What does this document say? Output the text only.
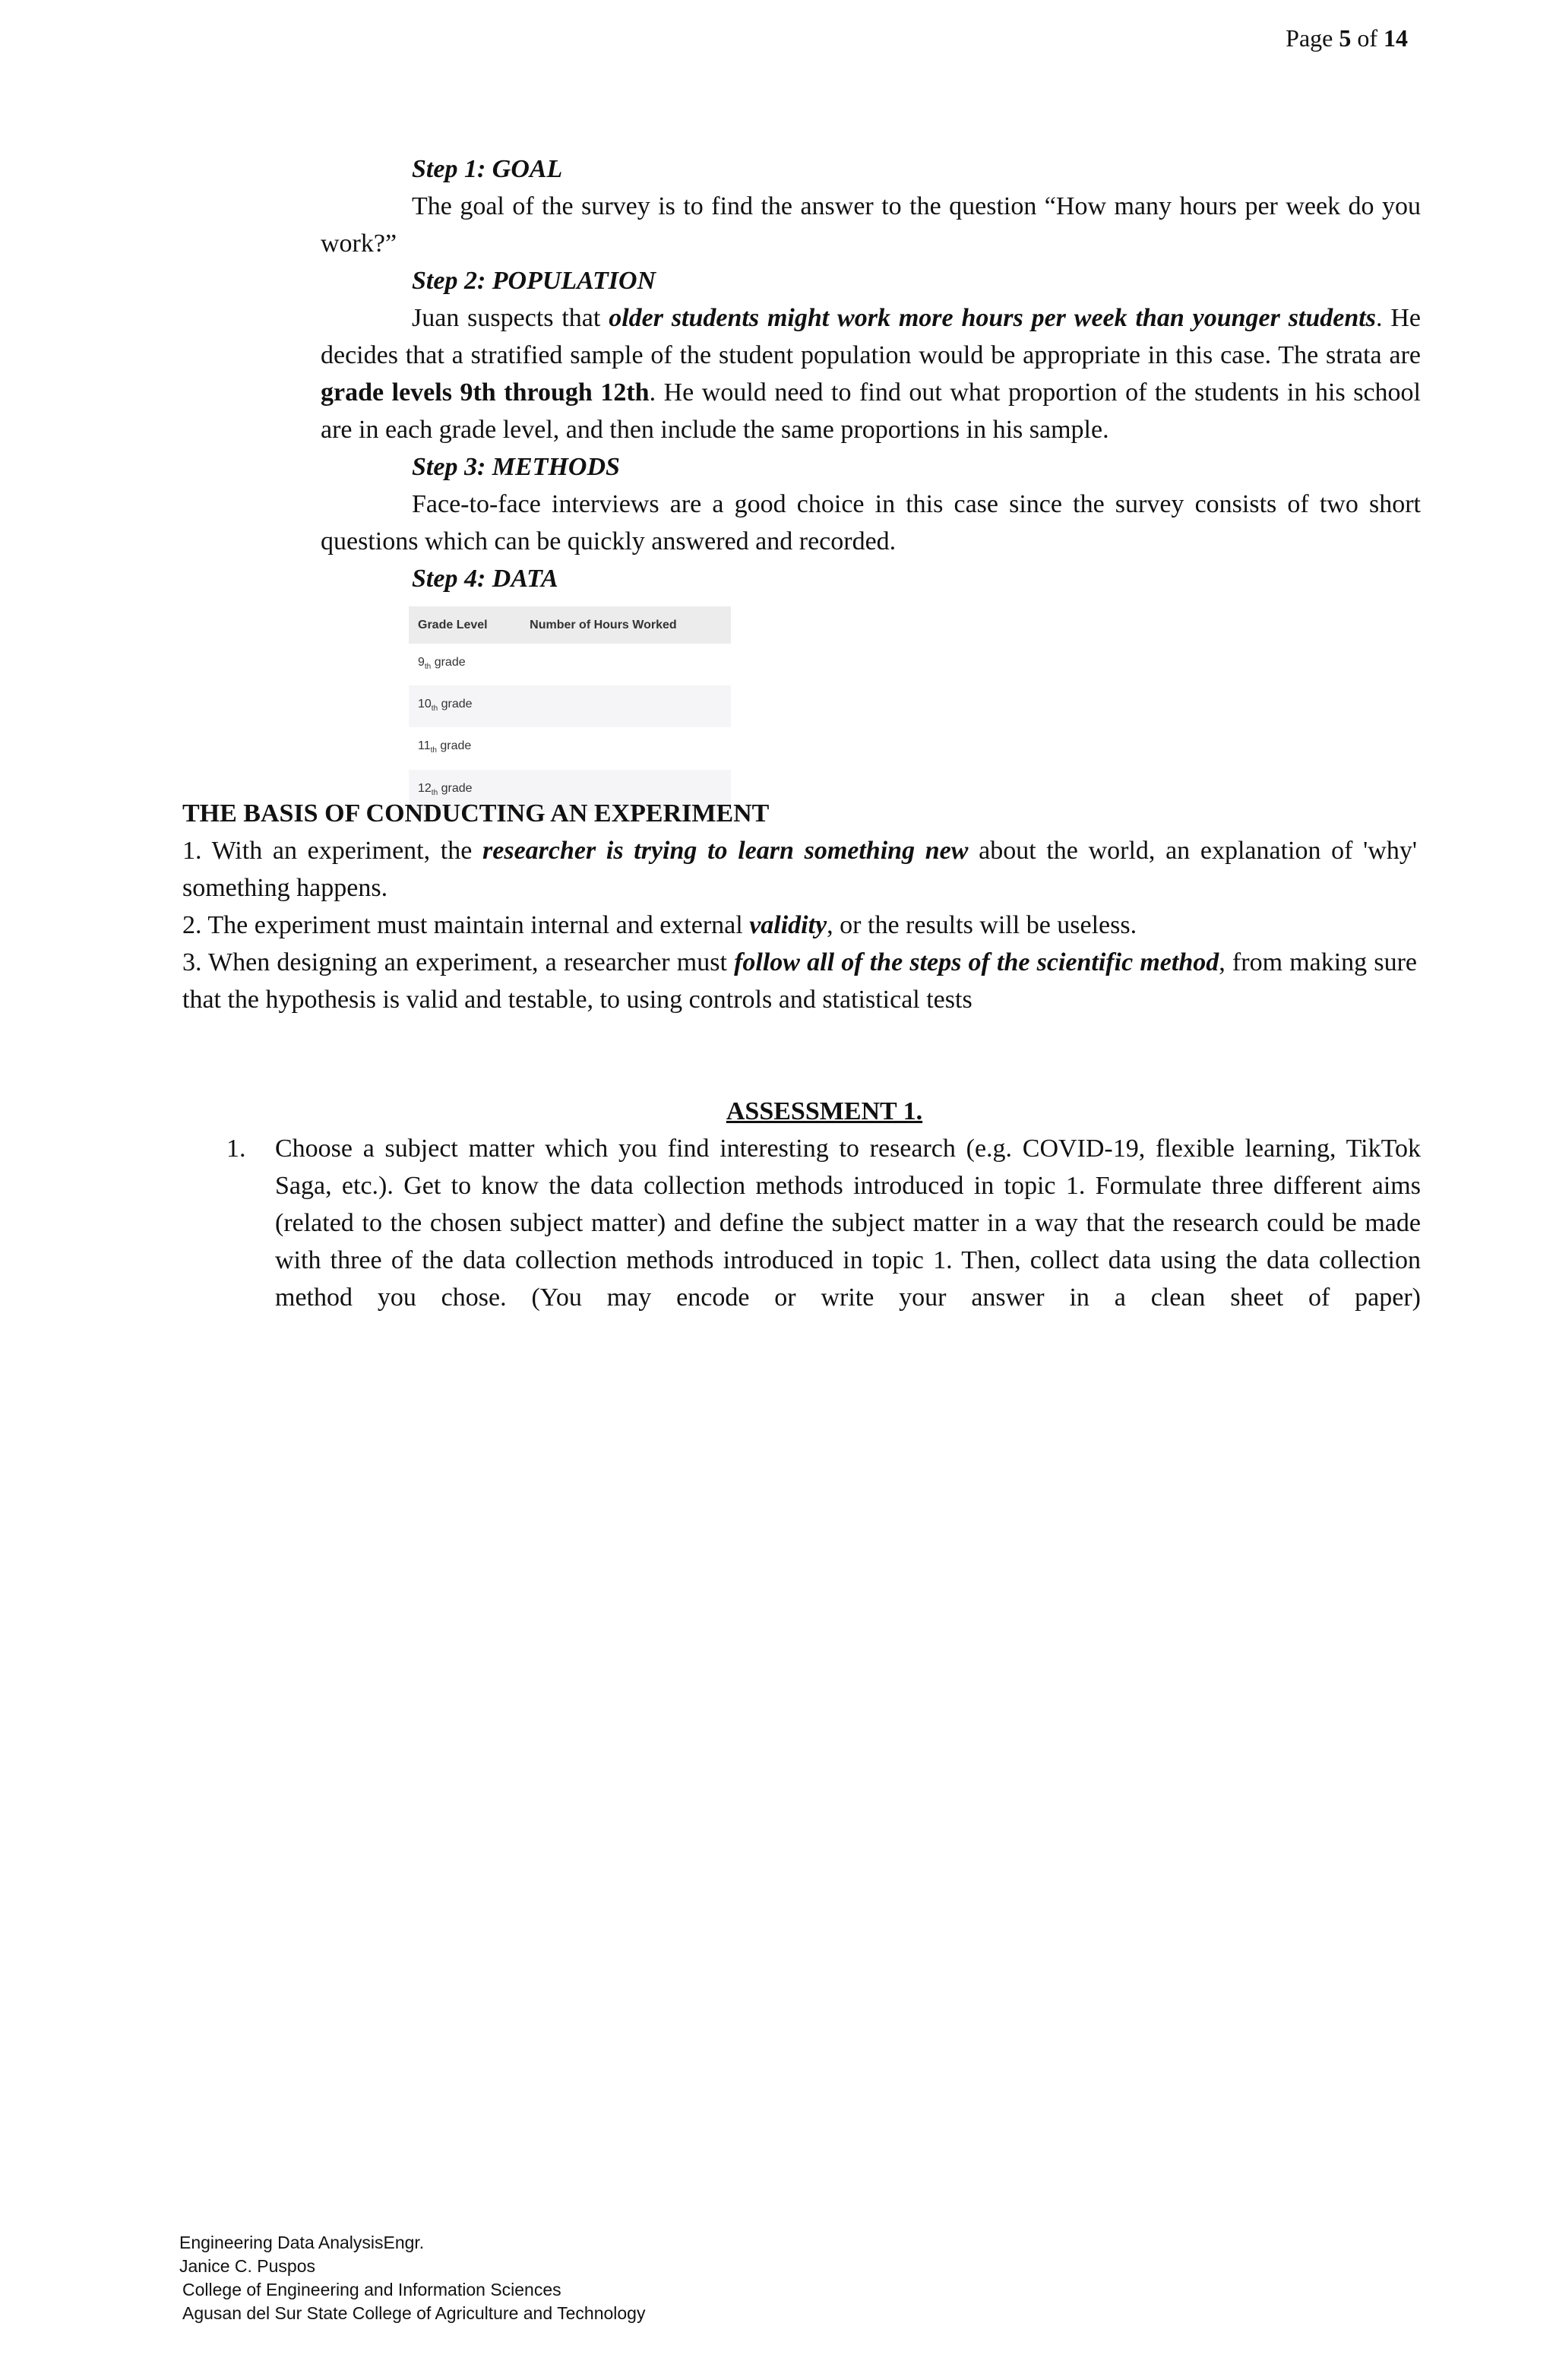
Page 5 of 14

Step 1: GOAL

The goal of the survey is to find the answer to the question “How many hours per week do you work?”

Step 2: POPULATION

Juan suspects that older students might work more hours per week than younger students. He decides that a stratified sample of the student population would be appropriate in this case. The strata are grade levels 9th through 12th. He would need to find out what proportion of the students in his school are in each grade level, and then include the same proportions in his sample.

Step 3: METHODS

Face-to-face interviews are a good choice in this case since the survey consists of two short questions which can be quickly answered and recorded.

Step 4: DATA

Grade Level	Number of Hours Worked
$9_{th}$ grade	
$10_{th}$ grade	
$11_{th}$ grade	
$12_{th}$ grade	

THE BASIS OF CONDUCTING AN EXPERIMENT

1. With an experiment, the researcher is trying to learn something new about the world, an explanation of 'why' something happens.

2. The experiment must maintain internal and external validity, or the results will be useless.

3. When designing an experiment, a researcher must follow all of the steps of the scientific method, from making sure that the hypothesis is valid and testable, to using controls and statistical tests

ASSESSMENT 1.

1. Choose a subject matter which you find interesting to research (e.g. COVID-19, flexible learning, TikTok Saga, etc.). Get to know the data collection methods introduced in topic 1. Formulate three different aims (related to the chosen subject matter) and define the subject matter in a way that the research could be made with three of the data collection methods introduced in topic 1. Then, collect data using the data collection method you chose. (You may encode or write your answer in a clean sheet of paper)

Engineering Data AnalysisEngr.
Janice C. Puspos
College of Engineering and Information Sciences
Agusan del Sur State College of Agriculture and Technology
